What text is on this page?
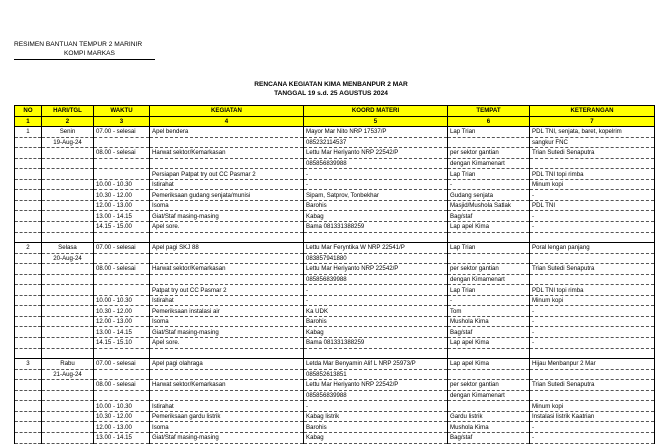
RESIMEN BANTUAN TEMPUR 2 MARINIR
KOMPI MARKAS
RENCANA KEGIATAN KIMA MENBANPUR 2 MAR
TANGGAL 19 s.d. 25 AGUSTUS 2024
NO	HARI/TGL	WAKTU	KEGIATAN	KOORD MATERI	TEMPAT	KETERANGAN
1	2	3	4	5	6	7
1	Senin	07.00 - selesai	Apel bendera	Mayor Mar Nito NRP 17537/P	Lap Trian	PDL TNI, senjata, baret, kopelrim
	19-Aug-24			085232114537		sangkur FNC
		08.00 - selesai	Harwat sektor/Kemarkasan	Lettu Mar Heriyanto NRP 22542/P	per sektor gantian	Trian Sutedi Senaputra
				085856839988	dengan Kimamenart	
			Persiapan Patpat try out CC Pasmar 2	-	Lap Trian	PDL TNI topi rimba
		10.00 - 10.30	Istirahat	-	-	Minum kopi
		10.30 - 12.00	Pemeriksaan gudang senjata/munisi	Sipam, Satprov, Tonbekhar	Gudang senjata	-
		12.00 - 13.00	Isoma	Barohis	Masjid/Mushola Satlak	PDL TNI
		13.00 - 14.15	Giat/Staf masing-masing	Kabag	Bag/staf	-
		14.15 - 15.00	Apel sore.	Bama 081331388259	Lap apel Kima	-

2	Selasa	07.00 - selesai	Apel pagi SKJ 88	Lettu Mar Feryntika W NRP 22541/P	Lap Trian	Poral lengan panjang
	20-Aug-24			083857941880		
		08.00 - selesai	Harwat sektor/Kemarkasan	Lettu Mar Heriyanto NRP 22542/P	per sektor gantian	Trian Sutedi Senaputra
				085856839988	dengan Kimamenart	
			Patpat try out CC Pasmar 2	-	Lap Trian	PDL TNI topi rimba
		10.00 - 10.30	Istirahat	-	-	Minum kopi
		10.30 - 12.00	Pemeriksaan instalasi air	Ka UDK	Tom	-
		12.00 - 13.00	Isoma	Barohis	Mushola Kima	-
		13.00 - 14.15	Giat/Staf masing-masing	Kabag	Bag/staf	-
		14.15 - 15.10	Apel sore.	Bama 081331388259	Lap apel Kima	-

3	Rabu	07.00 - selesai	Apel pagi olahraga	Letda Mar Benyamin Alif L NRP 25973/P	Lap apel Kima	Hijau Menbanpur 2 Mar
	21-Aug-24			085852613851		
		08.00 - selesai	Harwat sektor/Kemarkasan	Lettu Mar Heriyanto NRP 22542/P	per sektor gantian	Trian Sutedi Senaputra
				085856839988	dengan Kimamenart	
		10.00 - 10.30	Istirahat	-		Minum kopi
		10.30 - 12.00	Pemeriksaan gardu listrik	Kabag listrik	Gardu listrik	Instalasi listrik Kaatrian
		12.00 - 13.00	Isoma	Barohis	Mushola Kima	-
		13.00 - 14.15	Giat/Staf masing-masing	Kabag	Bag/staf	-
